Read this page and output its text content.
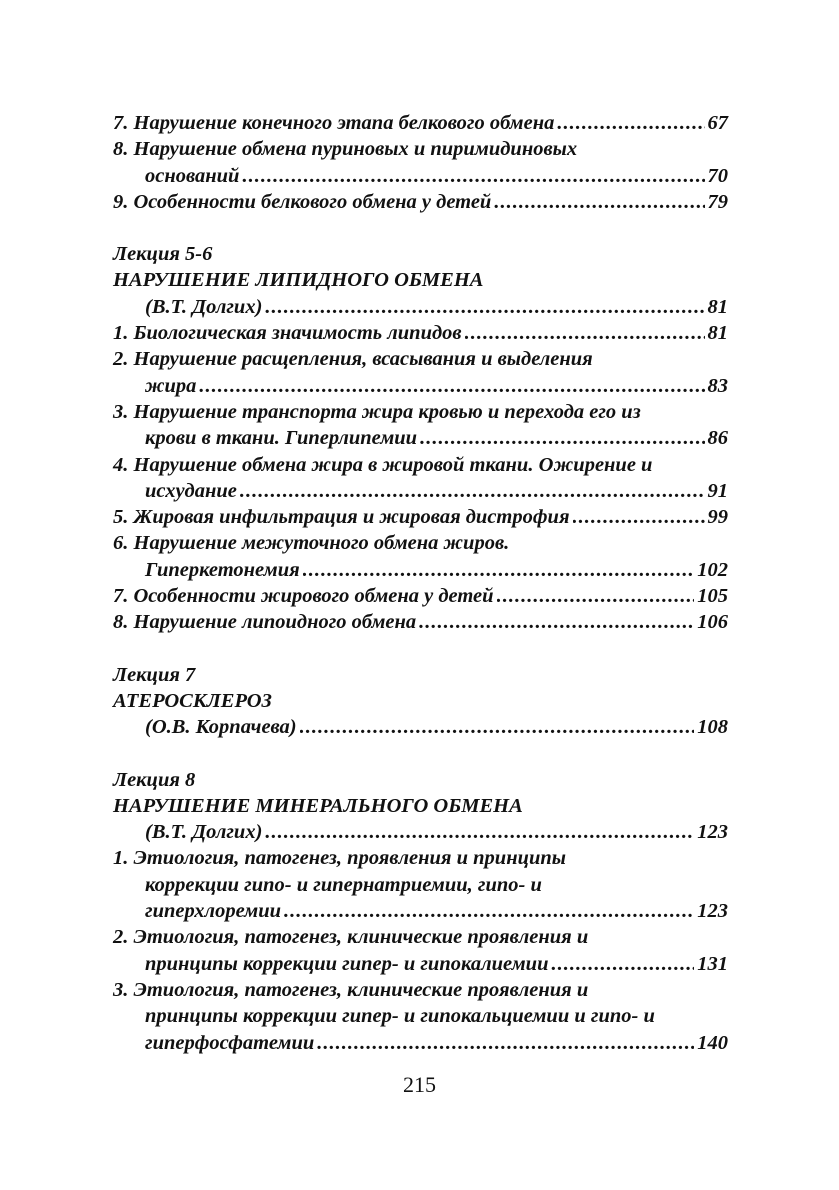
7. Нарушение конечного этапа белкового обмена .....	67
8. Нарушение обмена пуриновых и пиримидиновых
оснований .....	70
9. Особенности белкового обмена у детей .....	79
Лекция 5-6
НАРУШЕНИЕ ЛИПИДНОГО ОБМЕНА
(В.Т. Долгих) .....	81
1. Биологическая значимость липидов .....	81
2. Нарушение расщепления, всасывания и выделения
жира .....	83
3. Нарушение транспорта жира кровью и перехода его из
крови в ткани. Гиперлипемии .....	86
4. Нарушение обмена жира в жировой ткани. Ожирение и
исхудание .....	91
5. Жировая инфильтрация и жировая дистрофия .....	99
6. Нарушение межуточного обмена жиров.
Гиперкетонемия .....	102
7. Особенности жирового обмена у детей .....	105
8. Нарушение липоидного обмена .....	106
Лекция 7
АТЕРОСКЛЕРОЗ
(О.В. Корпачева) .....	108
Лекция 8
НАРУШЕНИЕ МИНЕРАЛЬНОГО ОБМЕНА
(В.Т. Долгих) .....	123
1. Этиология, патогенез, проявления и принципы
коррекции гипо- и гипернатриемии, гипо- и
гиперхлоремии .....	123
2. Этиология, патогенез, клинические проявления и
принципы коррекции гипер- и гипокалиемии .....	131
3. Этиология, патогенез, клинические проявления и
принципы коррекции гипер- и гипокальциемии и гипо- и
гиперфосфатемии .....	140
215
